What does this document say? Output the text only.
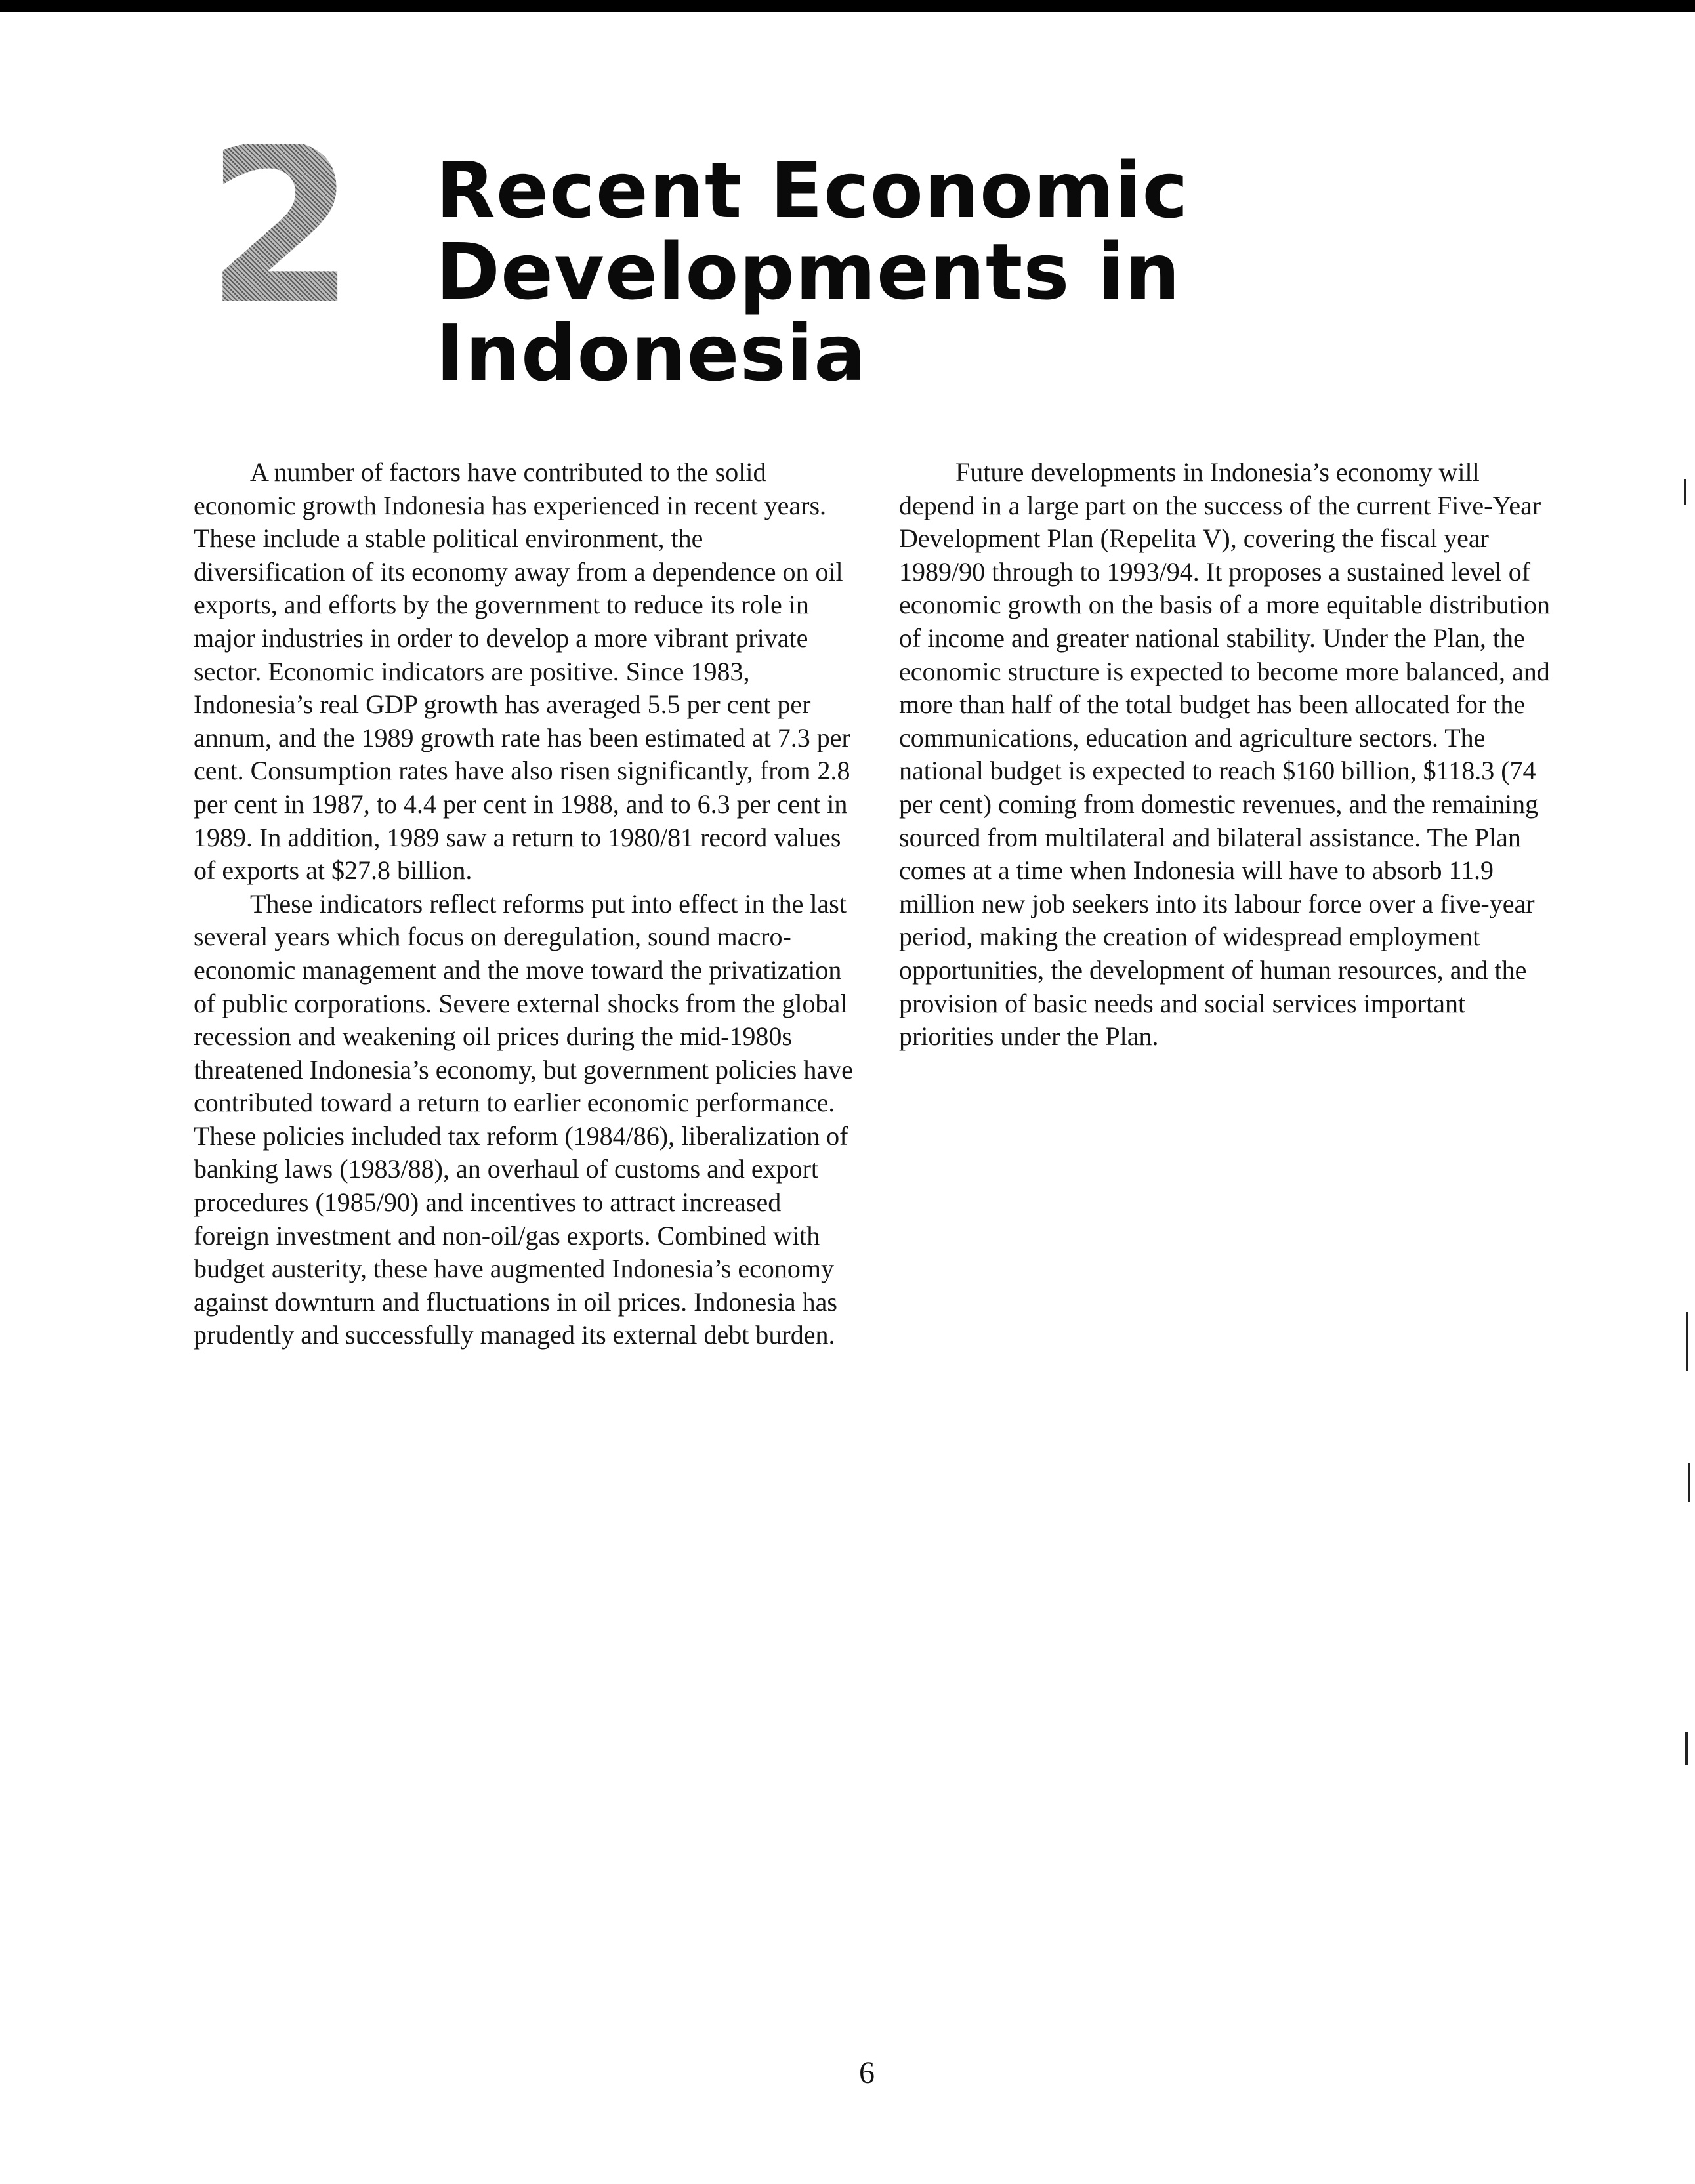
2 Recent Economic
Developments in
Indonesia

A number of factors have contributed to the solid economic growth Indonesia has experienced in recent years. These include a stable political environment, the diversification of its economy away from a dependence on oil exports, and efforts by the government to reduce its role in major industries in order to develop a more vibrant private sector. Economic indicators are positive. Since 1983, Indonesia’s real GDP growth has averaged 5.5 per cent per annum, and the 1989 growth rate has been estimated at 7.3 per cent. Consumption rates have also risen significantly, from 2.8 per cent in 1987, to 4.4 per cent in 1988, and to 6.3 per cent in 1989. In addition, 1989 saw a return to 1980/81 record values of exports at $27.8 billion.

These indicators reflect reforms put into effect in the last several years which focus on deregulation, sound macro-economic management and the move toward the privatization of public corporations. Severe external shocks from the global recession and weakening oil prices during the mid-1980s threatened Indonesia’s economy, but government policies have contributed toward a return to earlier economic performance. These policies included tax reform (1984/86), liberalization of banking laws (1983/88), an overhaul of customs and export procedures (1985/90) and incentives to attract increased foreign investment and non-oil/gas exports. Combined with budget austerity, these have augmented Indonesia’s economy against downturn and fluctuations in oil prices. Indonesia has prudently and successfully managed its external debt burden.

Future developments in Indonesia’s economy will depend in a large part on the success of the current Five-Year Development Plan (Repelita V), covering the fiscal year 1989/90 through to 1993/94. It proposes a sustained level of economic growth on the basis of a more equitable distribution of income and greater national stability. Under the Plan, the economic structure is expected to become more balanced, and more than half of the total budget has been allocated for the communications, education and agriculture sectors. The national budget is expected to reach $160 billion, $118.3 (74 per cent) coming from domestic revenues, and the remaining sourced from multilateral and bilateral assistance. The Plan comes at a time when Indonesia will have to absorb 11.9 million new job seekers into its labour force over a five-year period, making the creation of widespread employment opportunities, the development of human resources, and the provision of basic needs and social services important priorities under the Plan.

6
